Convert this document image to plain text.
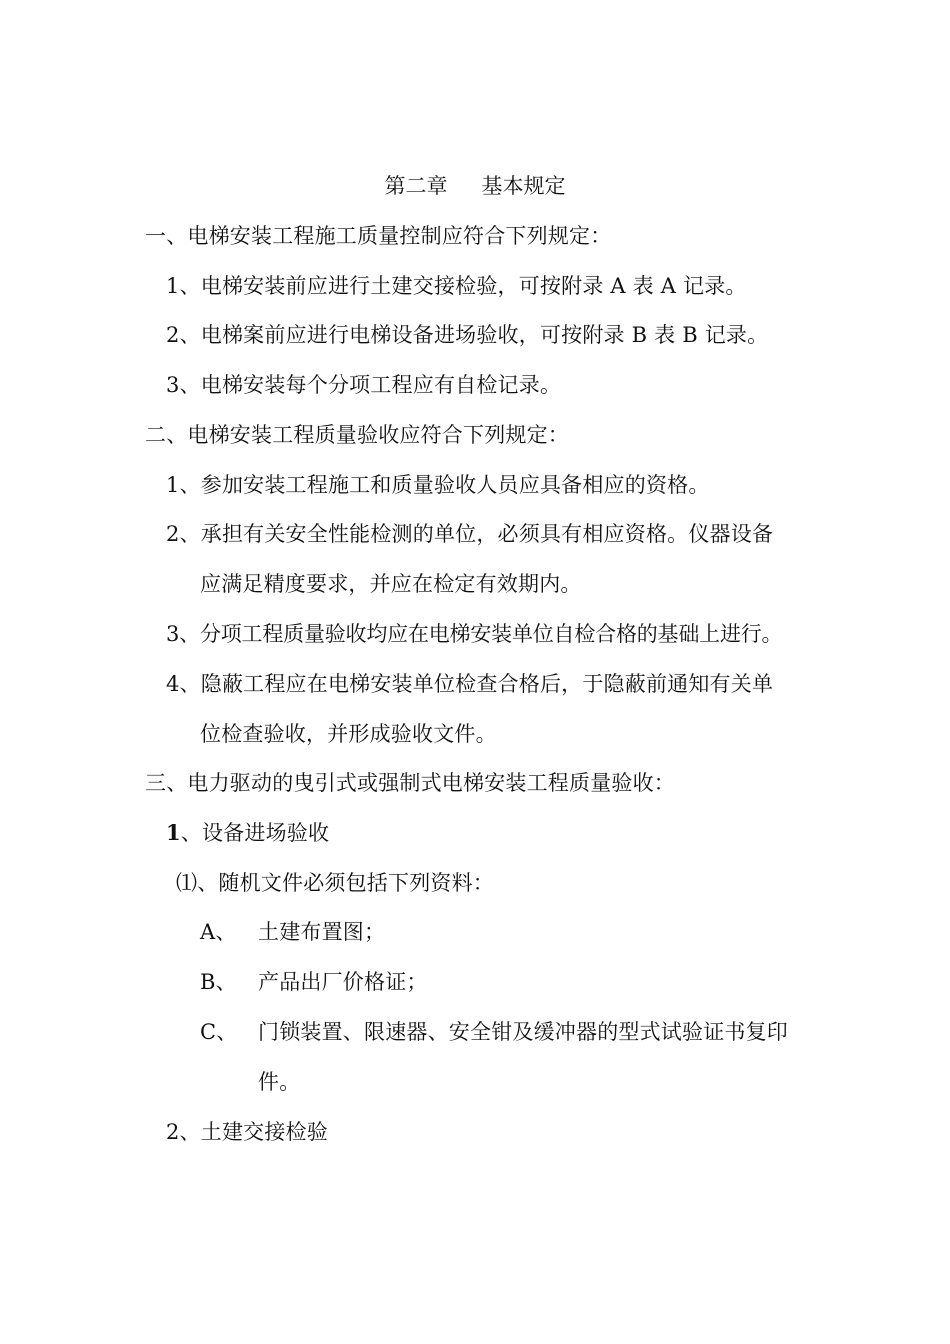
第二章 基本规定
一、电梯安装工程施工质量控制应符合下列规定：
1、电梯安装前应进行土建交接检验，可按附录 A 表 A 记录。
2、电梯案前应进行电梯设备进场验收，可按附录 B 表 B 记录。
3、电梯安装每个分项工程应有自检记录。
二、电梯安装工程质量验收应符合下列规定：
1、参加安装工程施工和质量验收人员应具备相应的资格。
2、承担有关安全性能检测的单位，必须具有相应资格。仪器设备
应满足精度要求，并应在检定有效期内。
3、分项工程质量验收均应在电梯安装单位自检合格的基础上进行。
4、隐蔽工程应在电梯安装单位检查合格后，于隐蔽前通知有关单
位检查验收，并形成验收文件。
三、电力驱动的曳引式或强制式电梯安装工程质量验收：
1、设备进场验收
⑴、随机文件必须包括下列资料：
A、 土建布置图；
B、 产品出厂价格证；
C、 门锁装置、限速器、安全钳及缓冲器的型式试验证书复印
件。
2、土建交接检验
